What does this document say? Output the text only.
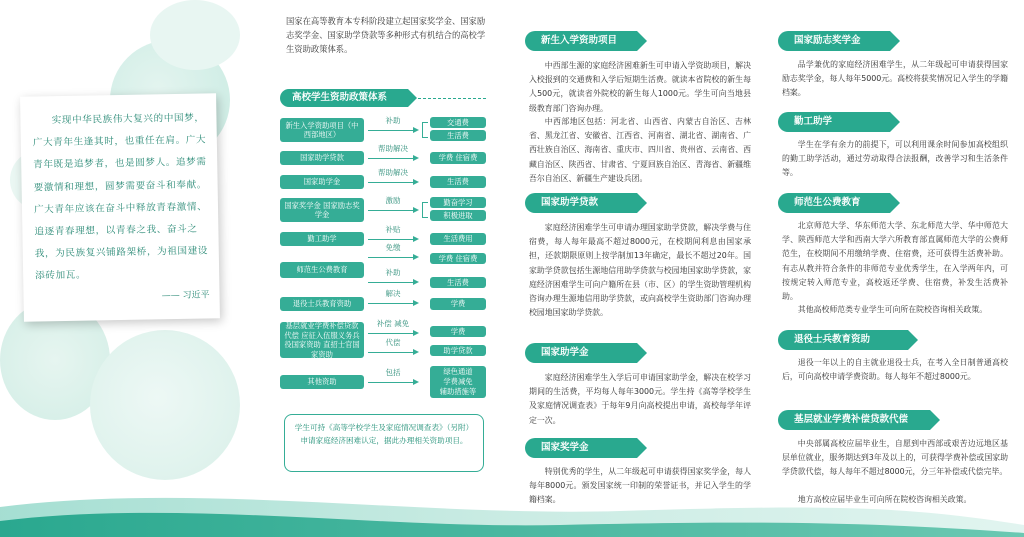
实现中华民族伟大复兴的中国梦，广大青年生逢其时，也重任在肩。广大青年既是追梦者，也是圆梦人。追梦需要激情和理想，圆梦需要奋斗和奉献。广大青年应该在奋斗中释放青春激情、追逐青春理想，以青春之我、奋斗之我，为民族复兴铺路架桥，为祖国建设添砖加瓦。

—— 习近平

国家在高等教育本专科阶段建立起国家奖学金、国家励志奖学金、国家助学贷款等多种形式有机结合的高校学生资助政策体系。

高校学生资助政策体系
新生入学资助项目（中西部地区）
补助	交通费
生活费
国家助学贷款
帮助解决
学费 住宿费
国家助学金
帮助解决
生活费
国家奖学金 国家励志奖学金
激励	勤奋学习
积极进取
勤工助学
补贴
生活费用
师范生公费教育
免缴
补助
学费 住宿费
生活费
退役士兵教育资助
解决
学费
基层就业学费补偿贷款代偿 应征入伍服义务兵役国家资助 直招士官国家资助
补偿 减免
代偿
学费
助学贷款
其他资助
包括	绿色通道
学费减免
辅助措施等
学生可持《高等学校学生及家庭情况调查表》（另附）申请家庭经济困难认定，据此办理相关资助项目。
新生入学资助项目

中西部生源的家庭经济困难新生可申请入学资助项目，解决入校报到的交通费和入学后短期生活费。就读本省院校的新生每人500元，就读省外院校的新生每人1000元。学生可向当地县级教育部门咨询办理。

中西部地区包括：河北省、山西省、内蒙古自治区、吉林省、黑龙江省、安徽省、江西省、河南省、湖北省、湖南省、广西壮族自治区、海南省、重庆市、四川省、贵州省、云南省、西藏自治区、陕西省、甘肃省、宁夏回族自治区、青海省、新疆维吾尔自治区、新疆生产建设兵团。

国家助学贷款

家庭经济困难学生可申请办理国家助学贷款，解决学费与住宿费，每人每年最高不超过8000元，在校期间利息由国家承担，还款期限原则上按学制加13年确定，最长不超过20年。国家助学贷款包括生源地信用助学贷款与校园地国家助学贷款，家庭经济困难学生可向户籍所在县（市、区）的学生资助管理机构咨询办理生源地信用助学贷款，或向高校学生资助部门咨询办理校园地国家助学贷款。

国家助学金

家庭经济困难学生入学后可申请国家助学金，解决在校学习期间的生活费，平均每人每年3000元。学生持《高等学校学生及家庭情况调查表》于每年9月向高校提出申请，高校每学年评定一次。

国家奖学金

特别优秀的学生，从二年级起可申请获得国家奖学金，每人每年8000元。颁发国家统一印制的荣誉证书，并记入学生的学籍档案。

国家励志奖学金

品学兼优的家庭经济困难学生，从二年级起可申请获得国家励志奖学金，每人每年5000元。高校将获奖情况记入学生的学籍档案。

勤工助学

学生在学有余力的前提下，可以利用课余时间参加高校组织的勤工助学活动，通过劳动取得合法报酬，改善学习和生活条件等。

师范生公费教育

北京师范大学、华东师范大学、东北师范大学、华中师范大学、陕西师范大学和西南大学六所教育部直属师范大学的公费师范生，在校期间不用缴纳学费、住宿费，还可获得生活费补助。有志从教并符合条件的非师范专业优秀学生，在入学两年内，可按规定转入师范专业，高校返还学费、住宿费，补发生活费补助。

其他高校师范类专业学生可向所在院校咨询相关政策。

退役士兵教育资助

退役一年以上的自主就业退役士兵，在考入全日制普通高校后，可向高校申请学费资助。每人每年不超过8000元。

基层就业学费补偿贷款代偿

中央部属高校应届毕业生，自愿到中西部或艰苦边远地区基层单位就业，服务期达到3年及以上的，可获得学费补偿或国家助学贷款代偿，每人每年不超过8000元，分三年补偿或代偿完毕。

地方高校应届毕业生可向所在院校咨询相关政策。
